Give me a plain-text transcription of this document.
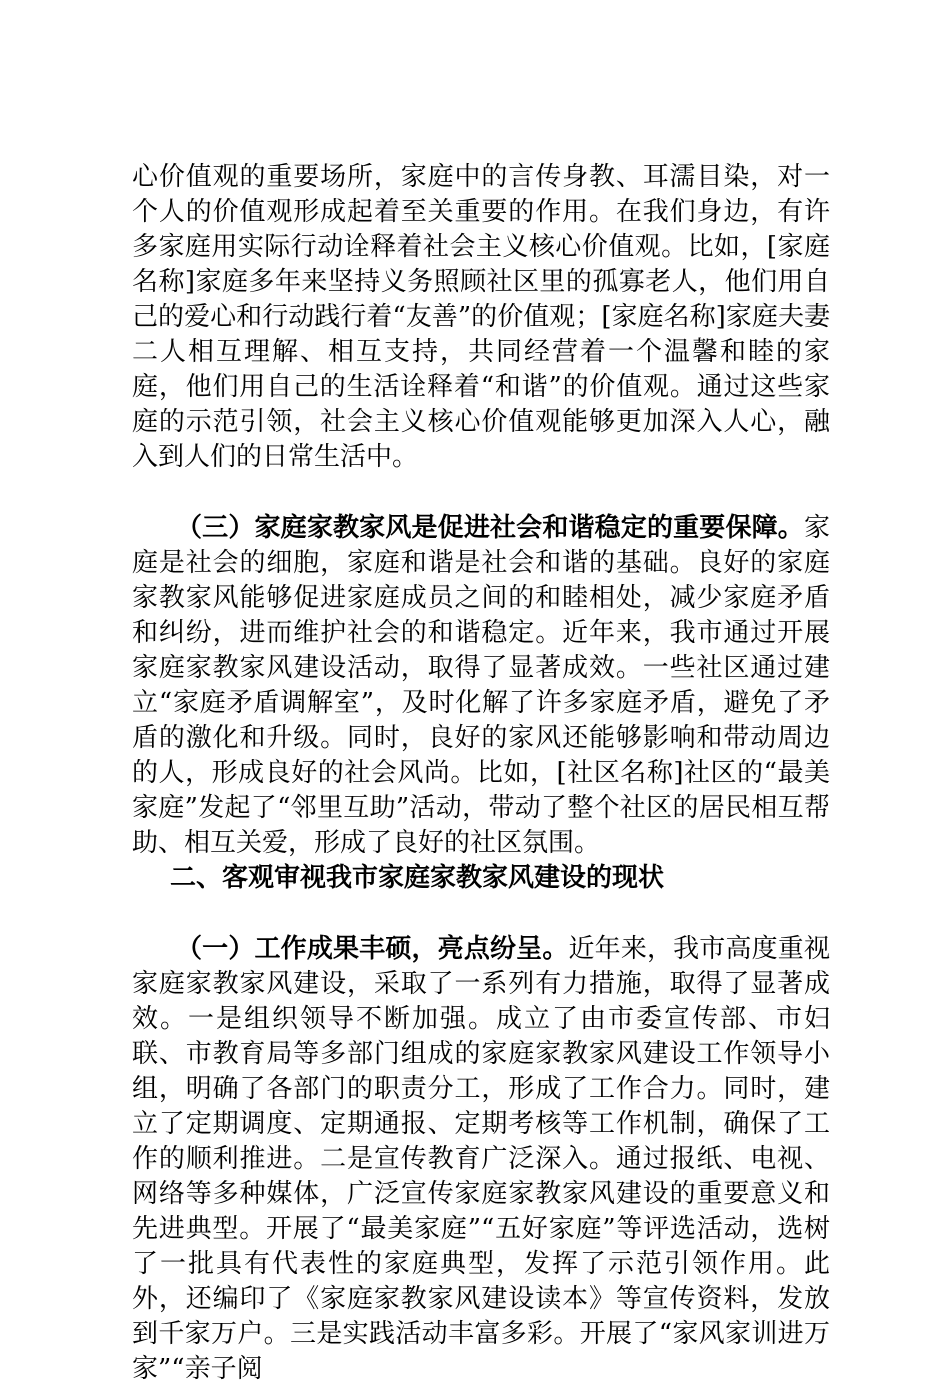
心价值观的重要场所，家庭中的言传身教、耳濡目染，对一个人的价值观形成起着至关重要的作用。在我们身边，有许多家庭用实际行动诠释着社会主义核心价值观。比如，[家庭名称]家庭多年来坚持义务照顾社区里的孤寡老人，他们用自己的爱心和行动践行着“友善”的价值观；[家庭名称]家庭夫妻二人相互理解、相互支持，共同经营着一个温馨和睦的家庭，他们用自己的生活诠释着“和谐”的价值观。通过这些家庭的示范引领，社会主义核心价值观能够更加深入人心，融入到人们的日常生活中。

（三）家庭家教家风是促进社会和谐稳定的重要保障。家庭是社会的细胞，家庭和谐是社会和谐的基础。良好的家庭家教家风能够促进家庭成员之间的和睦相处，减少家庭矛盾和纠纷，进而维护社会的和谐稳定。近年来，我市通过开展家庭家教家风建设活动，取得了显著成效。一些社区通过建立“家庭矛盾调解室”，及时化解了许多家庭矛盾，避免了矛盾的激化和升级。同时，良好的家风还能够影响和带动周边的人，形成良好的社会风尚。比如，[社区名称]社区的“最美家庭”发起了“邻里互助”活动，带动了整个社区的居民相互帮助、相互关爱，形成了良好的社区氛围。

二、客观审视我市家庭家教家风建设的现状

（一）工作成果丰硕，亮点纷呈。近年来，我市高度重视家庭家教家风建设，采取了一系列有力措施，取得了显著成效。一是组织领导不断加强。成立了由市委宣传部、市妇联、市教育局等多部门组成的家庭家教家风建设工作领导小组，明确了各部门的职责分工，形成了工作合力。同时，建立了定期调度、定期通报、定期考核等工作机制，确保了工作的顺利推进。二是宣传教育广泛深入。通过报纸、电视、网络等多种媒体，广泛宣传家庭家教家风建设的重要意义和先进典型。开展了“最美家庭”“五好家庭”等评选活动，选树了一批具有代表性的家庭典型，发挥了示范引领作用。此外，还编印了《家庭家教家风建设读本》等宣传资料，发放到千家万户。三是实践活动丰富多彩。开展了“家风家训进万家”“亲子阅
